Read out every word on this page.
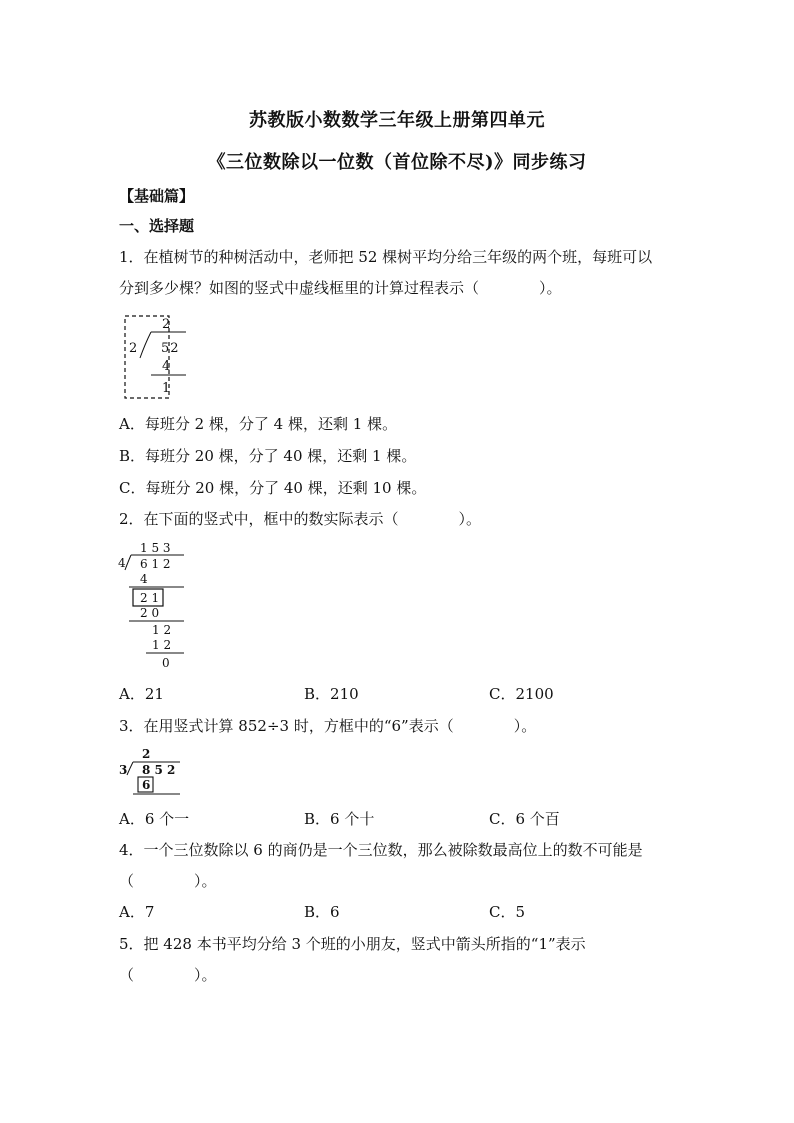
苏教版小数数学三年级上册第四单元
《三位数除以一位数（首位除不尽)》同步练习
【基础篇】
一、选择题
1．在植树节的种树活动中，老师把 52 棵树平均分给三年级的两个班，每班可以
分到多少棵？如图的竖式中虚线框里的计算过程表示（　　　　）。
2
2 52
4
1
A．每班分 2 棵，分了 4 棵，还剩 1 棵。
B．每班分 20 棵，分了 40 棵，还剩 1 棵。
C．每班分 20 棵，分了 40 棵，还剩 10 棵。
2．在下面的竖式中，框中的数实际表示（　　　　）。
1 5 3
4 6 1 2
4
2 1
2 0
1 2
1 2
0
A．21	B．210	C．2100
3．在用竖式计算 852÷3 时，方框中的“6”表示（　　　　）。
2
3 8 5 2
6
A．6 个一	B．6 个十	C．6 个百
4．一个三位数除以 6 的商仍是一个三位数，那么被除数最高位上的数不可能是
（　　　　）。
A．7	B．6	C．5
5．把 428 本书平均分给 3 个班的小朋友，竖式中箭头所指的“1”表示
（　　　　）。
